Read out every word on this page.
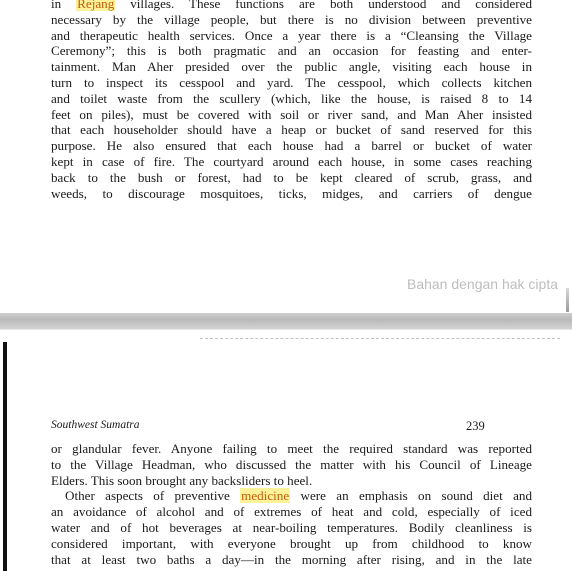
in Rejang villages. These functions are both understood and considered
necessary by the village people, but there is no division between preventive
and therapeutic health services. Once a year there is a “Cleansing the Village
Ceremony”; this is both pragmatic and an occasion for feasting and enter-
tainment. Man Aher presided over the public angle, visiting each house in
turn to inspect its cesspool and yard. The cesspool, which collects kitchen
and toilet waste from the scullery (which, like the house, is raised 8 to 14
feet on piles), must be covered with soil or river sand, and Man Aher insisted
that each householder should have a heap or bucket of sand reserved for this
purpose. He also ensured that each house had a barrel or bucket of water
kept in case of fire. The courtyard around each house, in some cases reaching
back to the bush or forest, had to be kept cleared of scrub, grass, and
weeds, to discourage mosquitoes, ticks, midges, and carriers of dengue
Bahan dengan hak cipta
Southwest Sumatra	239
or glandular fever. Anyone failing to meet the required standard was reported
to the Village Headman, who discussed the matter with his Council of Lineage
Elders. This soon brought any backsliders to heel.
Other aspects of preventive medicine were an emphasis on sound diet and
an avoidance of alcohol and of extremes of heat and cold, especially of iced
water and of hot beverages at near-boiling temperatures. Bodily cleanliness is
considered important, with everyone brought up from childhood to know
that at least two baths a day—in the morning after rising, and in the late
